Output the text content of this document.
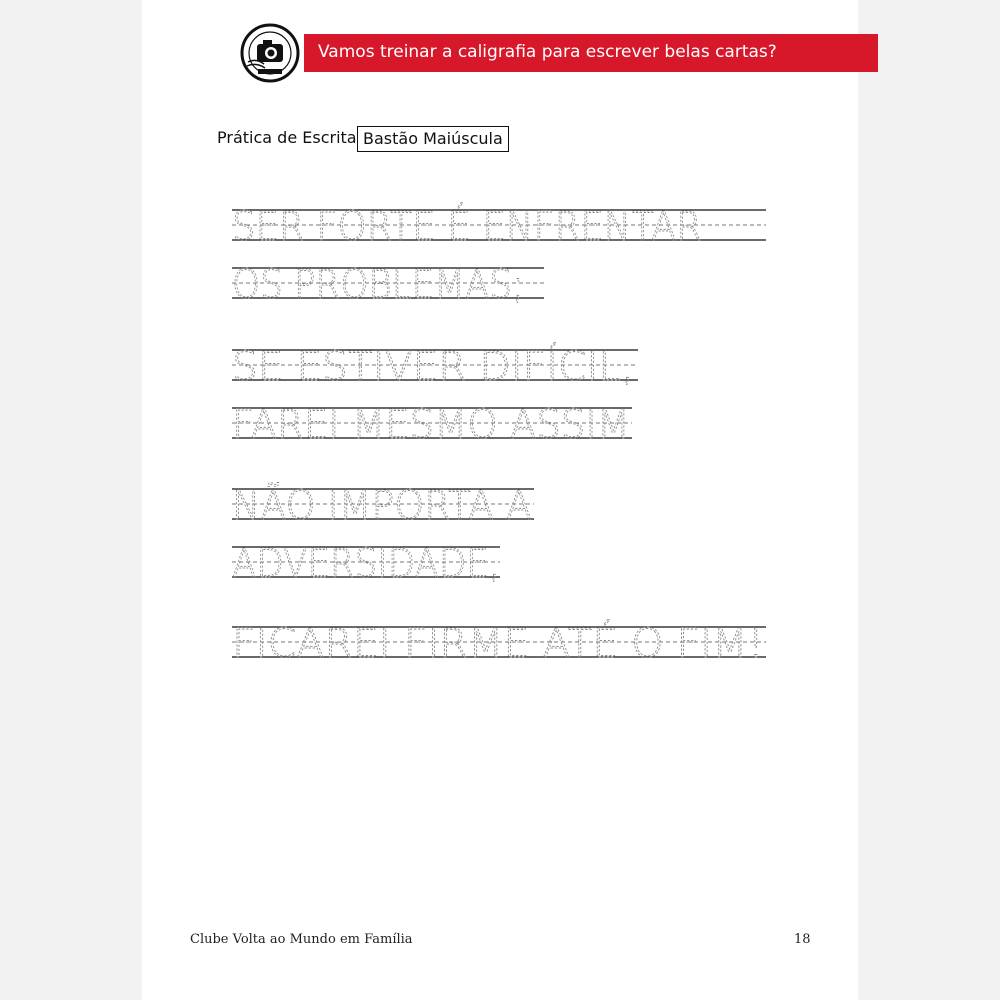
Vamos treinar a caligrafia para escrever belas cartas?
Prática de Escrita Bastão Maiúscula
SER FORTE É ENFRENTAR
OS PROBLEMAS;
SE ESTIVER DIFÍCIL,
FAREI MESMO ASSIM
NÃO IMPORTA A
ADVERSIDADE,
FICAREI FIRME ATÉ O FIM!
Clube Volta ao Mundo em Família	18
